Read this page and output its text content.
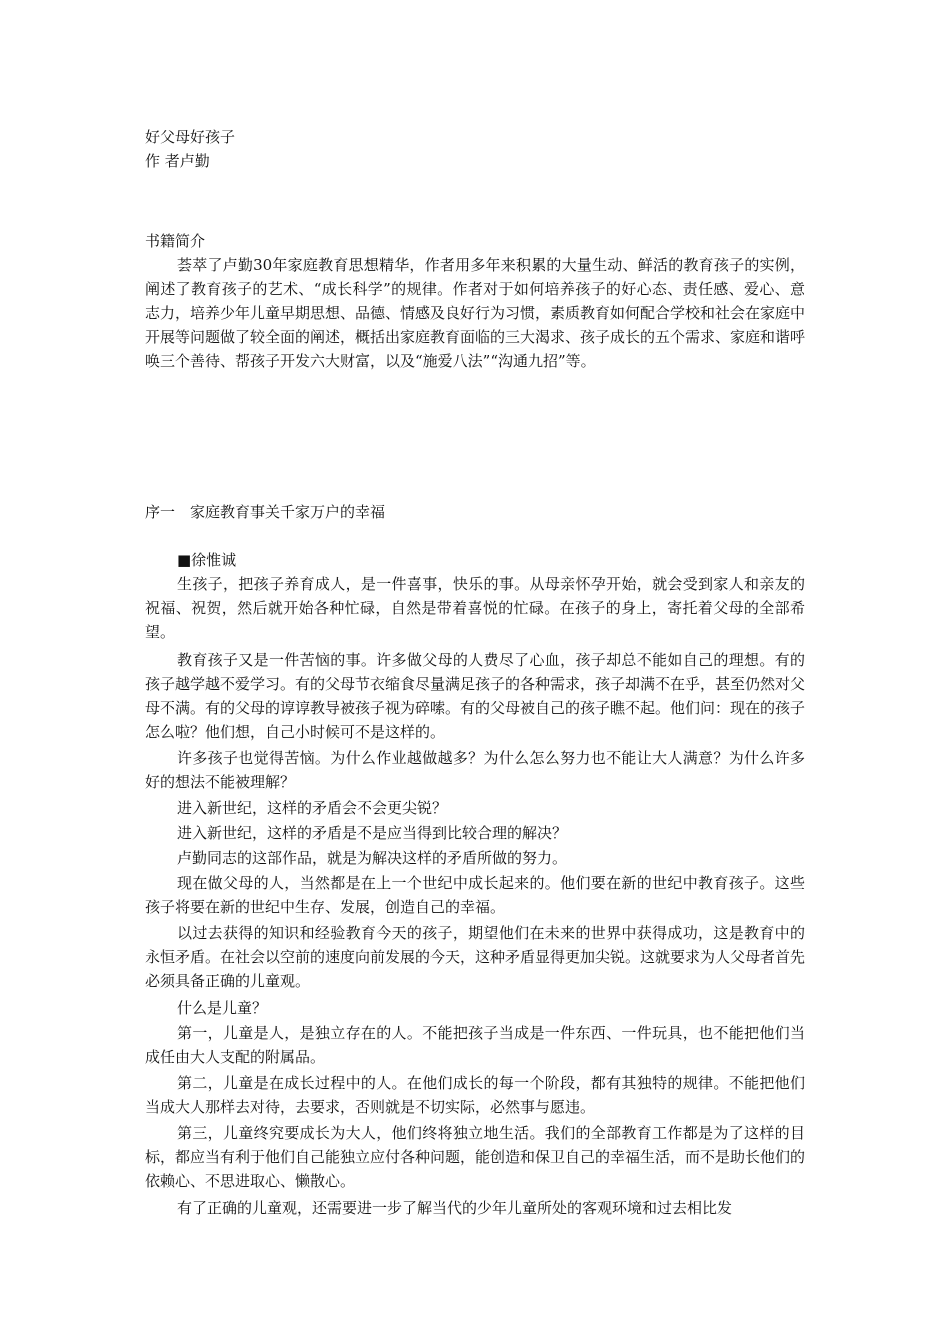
好父母好孩子
作 者卢勤
书籍简介
荟萃了卢勤30年家庭教育思想精华，作者用多年来积累的大量生动、鲜活的教育孩子的实例，阐述了教育孩子的艺术、“成长科学”的规律。作者对于如何培养孩子的好心态、责任感、爱心、意志力，培养少年儿童早期思想、品德、情感及良好行为习惯，素质教育如何配合学校和社会在家庭中开展等问题做了较全面的阐述，概括出家庭教育面临的三大渴求、孩子成长的五个需求、家庭和谐呼唤三个善待、帮孩子开发六大财富，以及“施爱八法”“沟通九招”等。
序一　家庭教育事关千家万户的幸福
■徐惟诚
生孩子，把孩子养育成人，是一件喜事，快乐的事。从母亲怀孕开始，就会受到家人和亲友的祝福、祝贺，然后就开始各种忙碌，自然是带着喜悦的忙碌。在孩子的身上，寄托着父母的全部希望。
教育孩子又是一件苦恼的事。许多做父母的人费尽了心血，孩子却总不能如自己的理想。有的孩子越学越不爱学习。有的父母节衣缩食尽量满足孩子的各种需求，孩子却满不在乎，甚至仍然对父母不满。有的父母的谆谆教导被孩子视为碎嗦。有的父母被自己的孩子瞧不起。他们问：现在的孩子怎么啦？他们想，自己小时候可不是这样的。
许多孩子也觉得苦恼。为什么作业越做越多？为什么怎么努力也不能让大人满意？为什么许多好的想法不能被理解？
进入新世纪，这样的矛盾会不会更尖锐？
进入新世纪，这样的矛盾是不是应当得到比较合理的解决？
卢勤同志的这部作品，就是为解决这样的矛盾所做的努力。
现在做父母的人，当然都是在上一个世纪中成长起来的。他们要在新的世纪中教育孩子。这些孩子将要在新的世纪中生存、发展，创造自己的幸福。
以过去获得的知识和经验教育今天的孩子，期望他们在未来的世界中获得成功，这是教育中的永恒矛盾。在社会以空前的速度向前发展的今天，这种矛盾显得更加尖锐。这就要求为人父母者首先必须具备正确的儿童观。
什么是儿童？
第一，儿童是人，是独立存在的人。不能把孩子当成是一件东西、一件玩具，也不能把他们当成任由大人支配的附属品。
第二，儿童是在成长过程中的人。在他们成长的每一个阶段，都有其独特的规律。不能把他们当成大人那样去对待，去要求，否则就是不切实际，必然事与愿违。
第三，儿童终究要成长为大人，他们终将独立地生活。我们的全部教育工作都是为了这样的目标，都应当有利于他们自己能独立应付各种问题，能创造和保卫自己的幸福生活，而不是助长他们的依赖心、不思进取心、懒散心。
有了正确的儿童观，还需要进一步了解当代的少年儿童所处的客观环境和过去相比发
